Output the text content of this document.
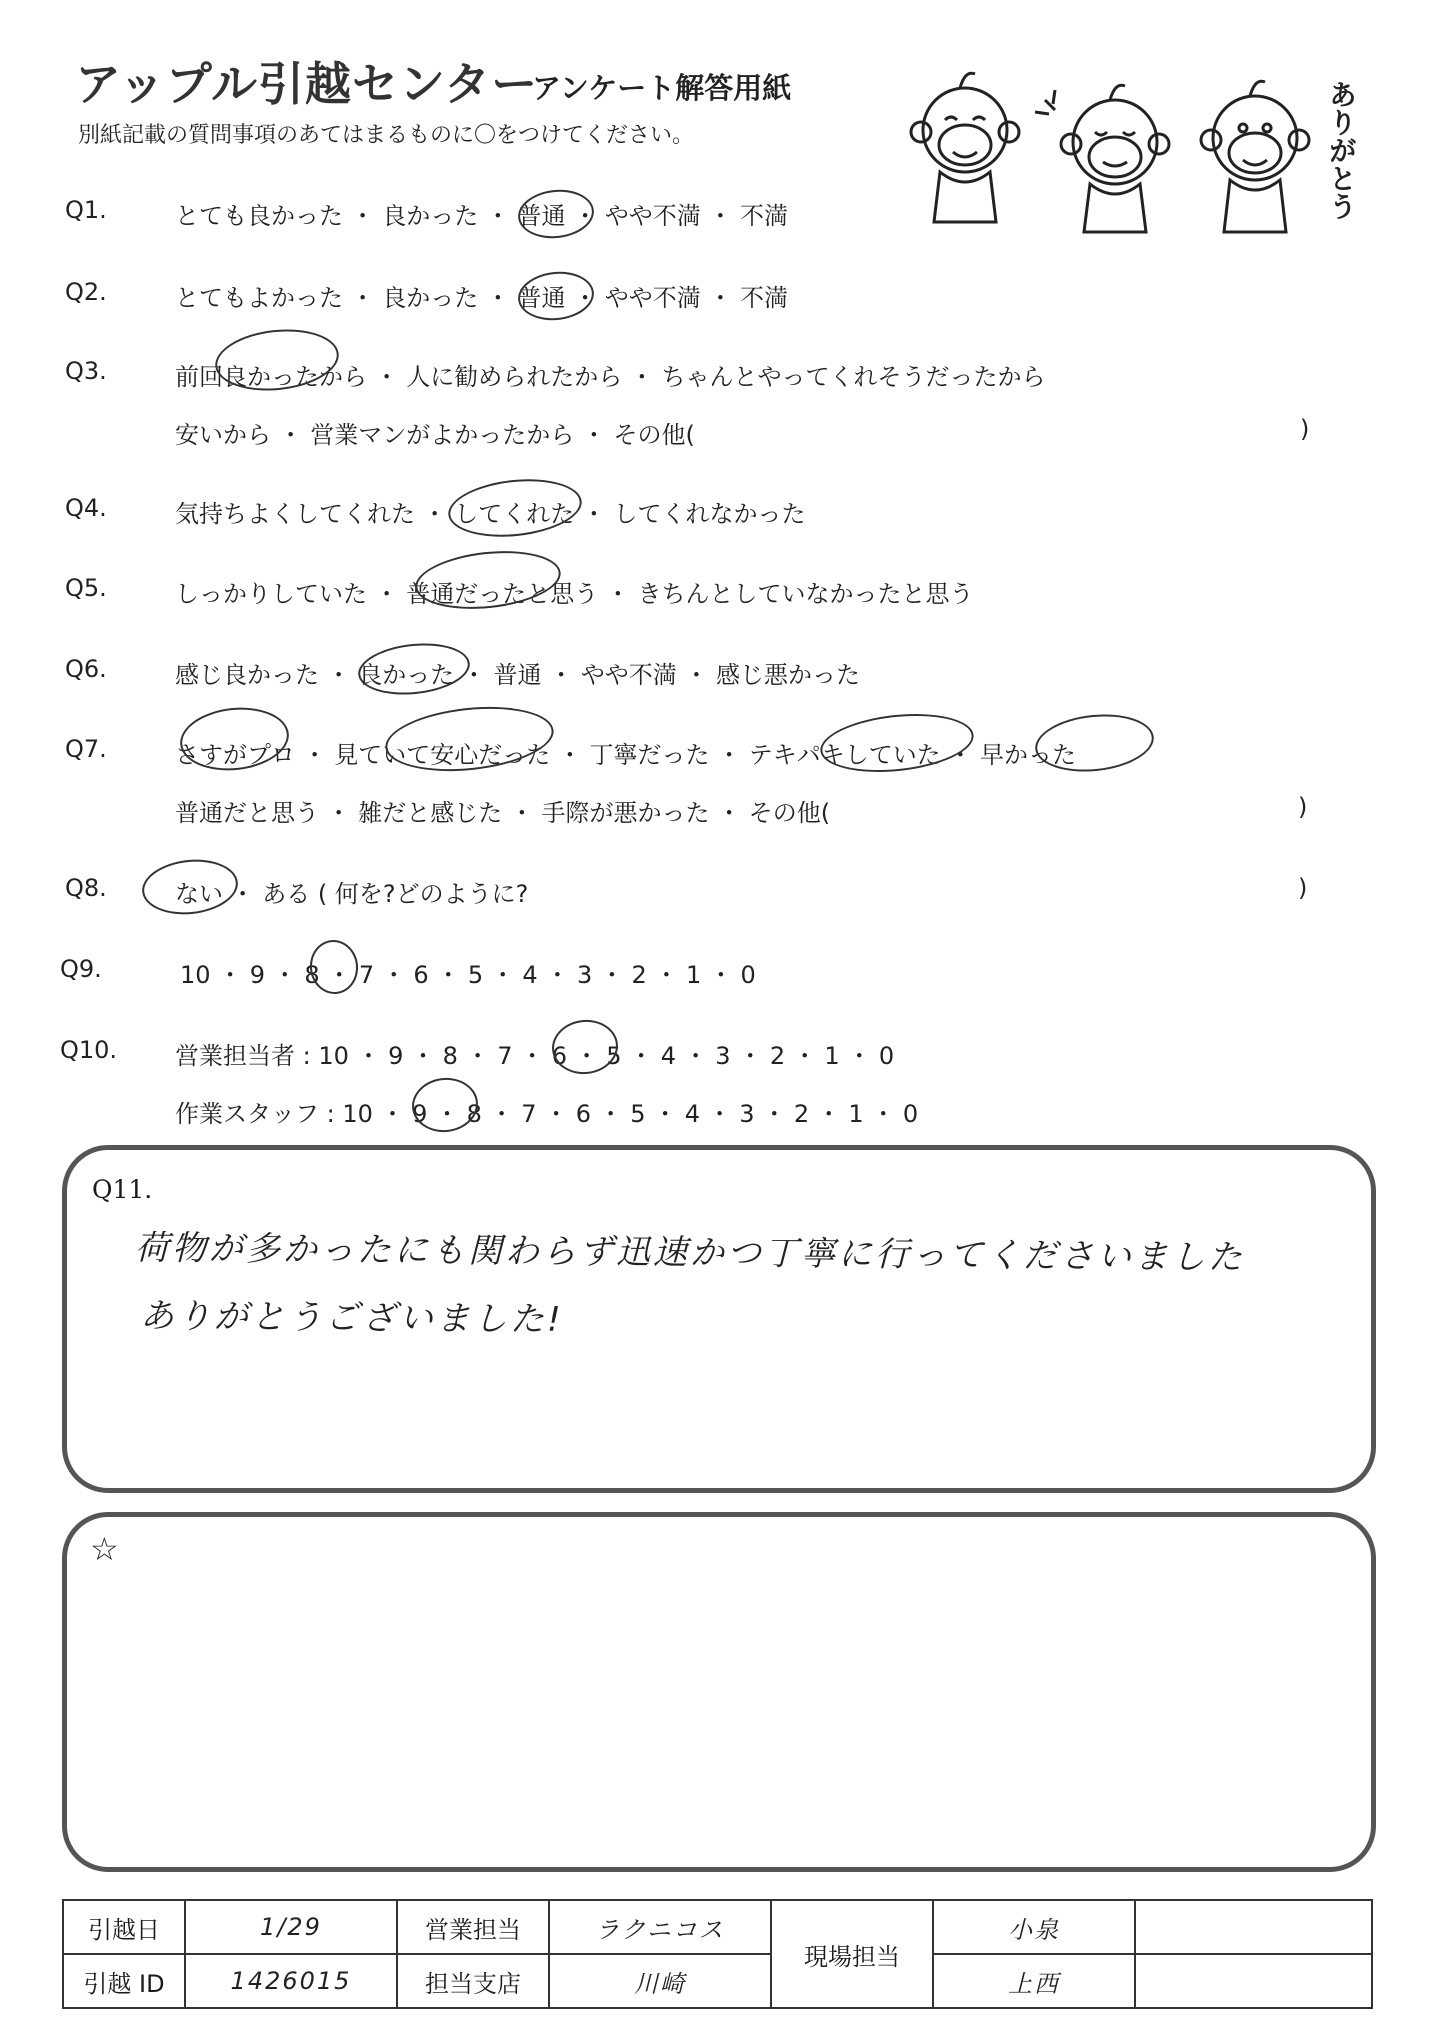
アップル引越センター
アンケート解答用紙
別紙記載の質問事項のあてはまるものに〇をつけてください。	ありがとう
Q1.	とても良かった ・ 良かった ・ 普通 ・ やや不満 ・ 不満
Q2.	とてもよかった ・ 良かった ・ 普通 ・ やや不満 ・ 不満
Q3.	前回良かったから ・ 人に勧められたから ・ ちゃんとやってくれそうだったから
安いから ・ 営業マンがよかったから ・ その他(	)
Q4.	気持ちよくしてくれた ・ してくれた ・ してくれなかった
Q5.	しっかりしていた ・ 普通だったと思う ・ きちんとしていなかったと思う
Q6.	感じ良かった ・ 良かった ・ 普通 ・ やや不満 ・ 感じ悪かった
Q7.	さすがプロ ・ 見ていて安心だった ・ 丁寧だった ・ テキパキしていた ・ 早かった
普通だと思う ・ 雑だと感じた ・ 手際が悪かった ・ その他(	)
Q8.	ない ・ ある ( 何を?どのように?	)
Q9.	10 ・ 9 ・ 8 ・ 7 ・ 6 ・ 5 ・ 4 ・ 3 ・ 2 ・ 1 ・ 0
Q10. 営業担当者 : 10 ・ 9 ・ 8 ・ 7 ・ 6 ・ 5 ・ 4 ・ 3 ・ 2 ・ 1 ・ 0
作業スタッフ : 10 ・ 9 ・ 8 ・ 7 ・ 6 ・ 5 ・ 4 ・ 3 ・ 2 ・ 1 ・ 0
Q11.
荷物が多かったにも関わらず迅速かつ丁寧に行ってくださいました
ありがとうございました!
☆
引越日	1/29	営業担当	ラクニコス	現場担当	小泉	
引越 ID	1426015	担当支店	川崎		上西	
